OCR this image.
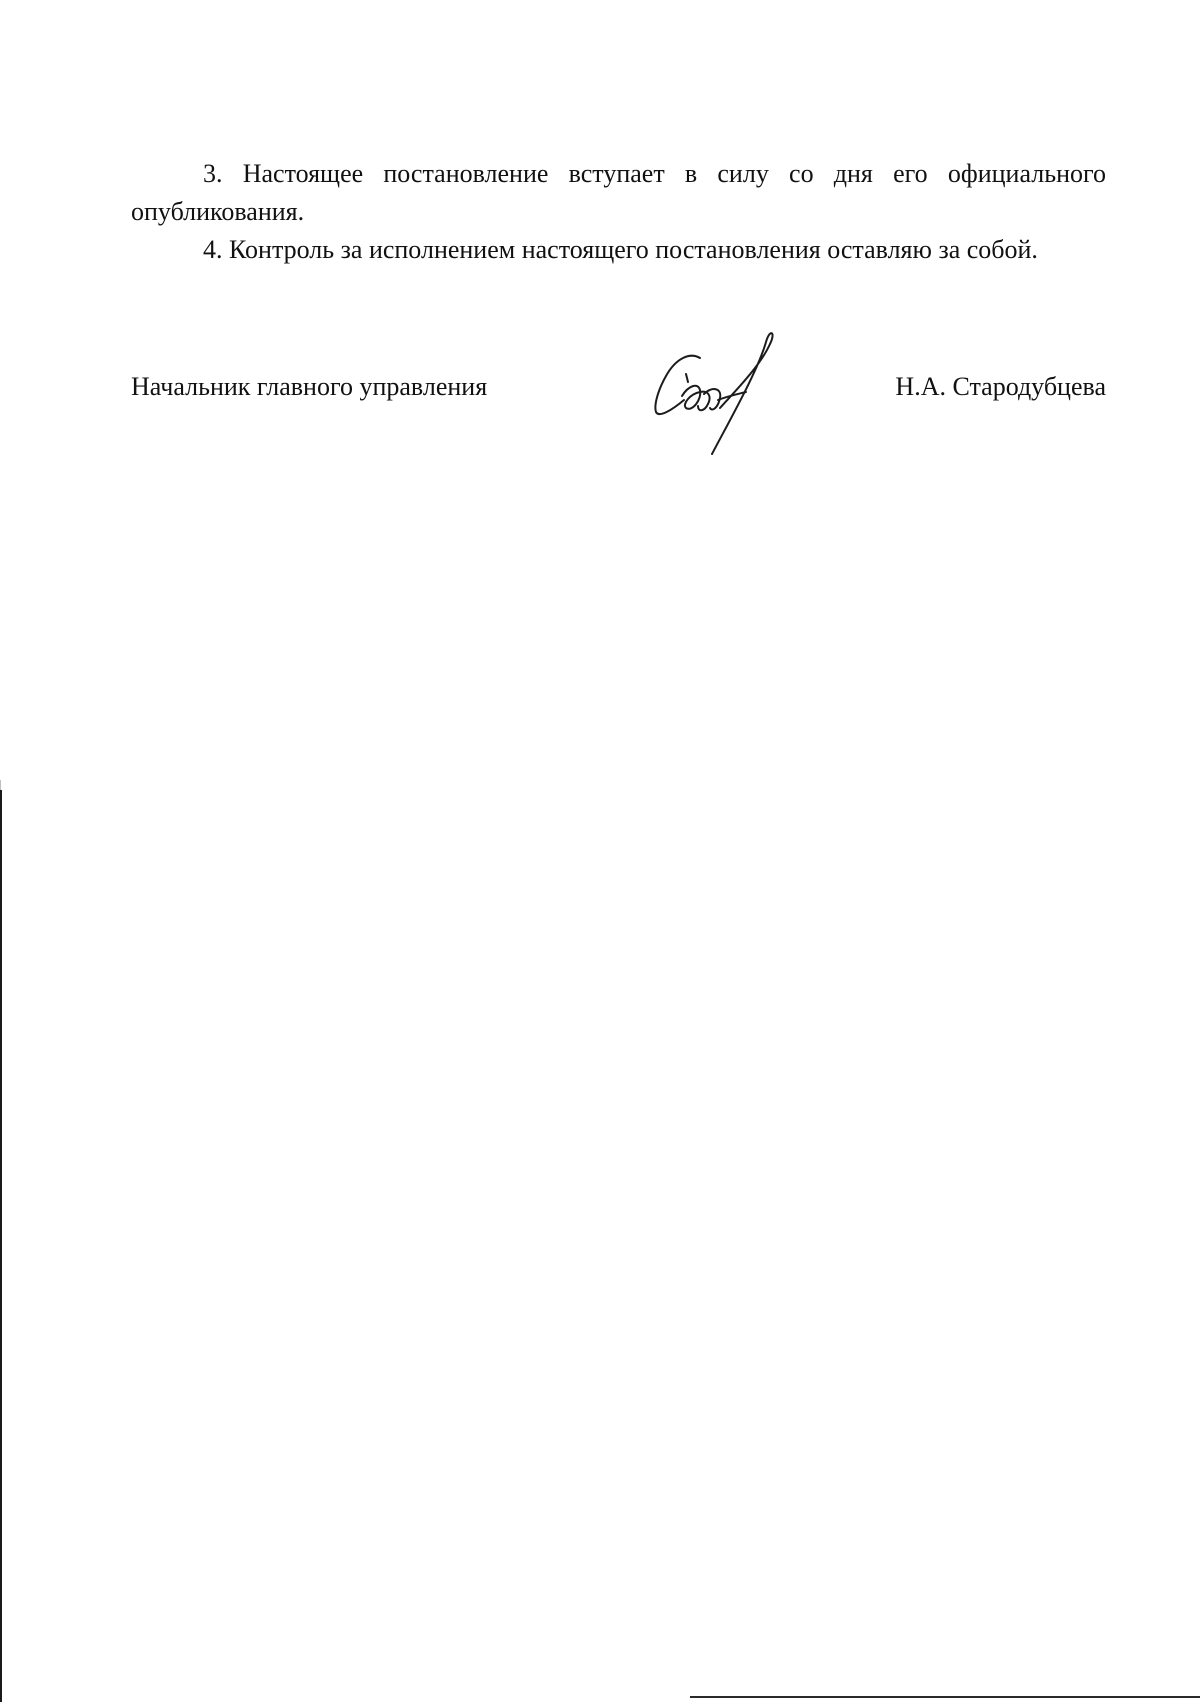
3. Настоящее постановление вступает в силу со дня его официального опубликования.

4. Контроль за исполнением настоящего постановления оставляю за собой.

Начальник главного управления	Н.А. Стародубцева
